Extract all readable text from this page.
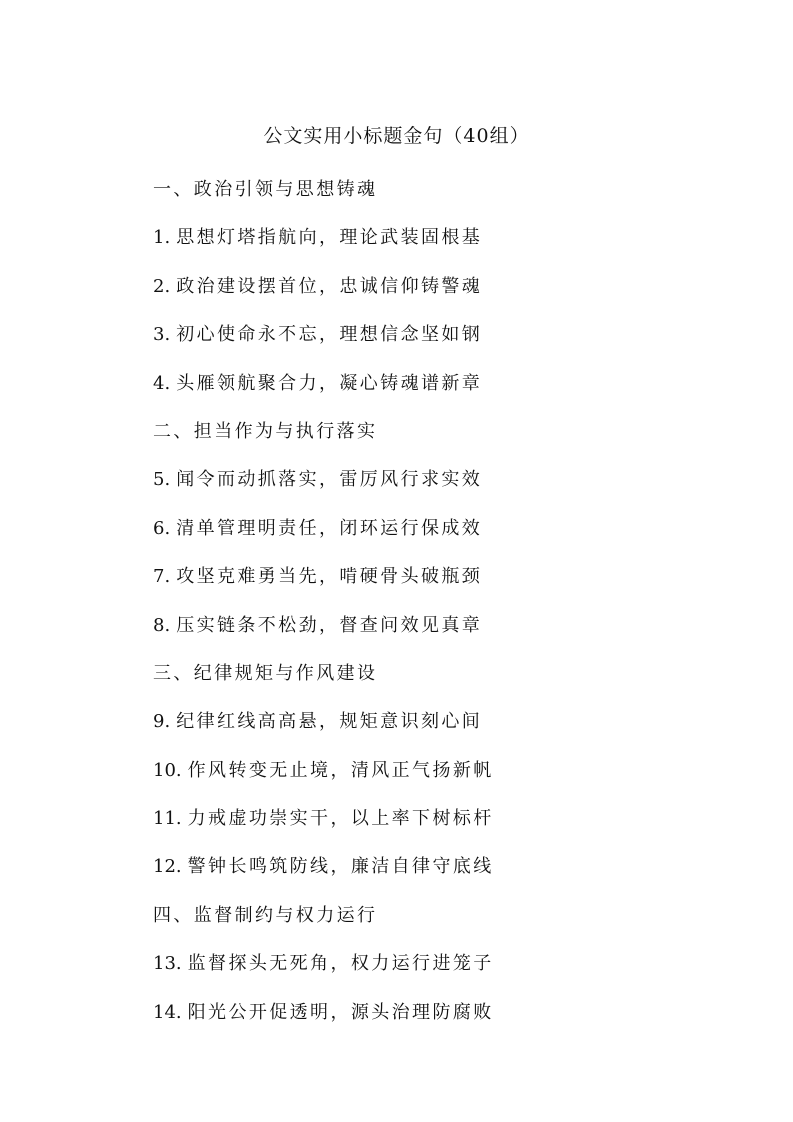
公文实用小标题金句（40组）
一、政治引领与思想铸魂
1. 思想灯塔指航向，理论武装固根基
2. 政治建设摆首位，忠诚信仰铸警魂
3. 初心使命永不忘，理想信念坚如钢
4. 头雁领航聚合力，凝心铸魂谱新章
二、担当作为与执行落实
5. 闻令而动抓落实，雷厉风行求实效
6. 清单管理明责任，闭环运行保成效
7. 攻坚克难勇当先，啃硬骨头破瓶颈
8. 压实链条不松劲，督查问效见真章
三、纪律规矩与作风建设
9. 纪律红线高高悬，规矩意识刻心间
10. 作风转变无止境，清风正气扬新帆
11. 力戒虚功崇实干，以上率下树标杆
12. 警钟长鸣筑防线，廉洁自律守底线
四、监督制约与权力运行
13. 监督探头无死角，权力运行进笼子
14. 阳光公开促透明，源头治理防腐败
